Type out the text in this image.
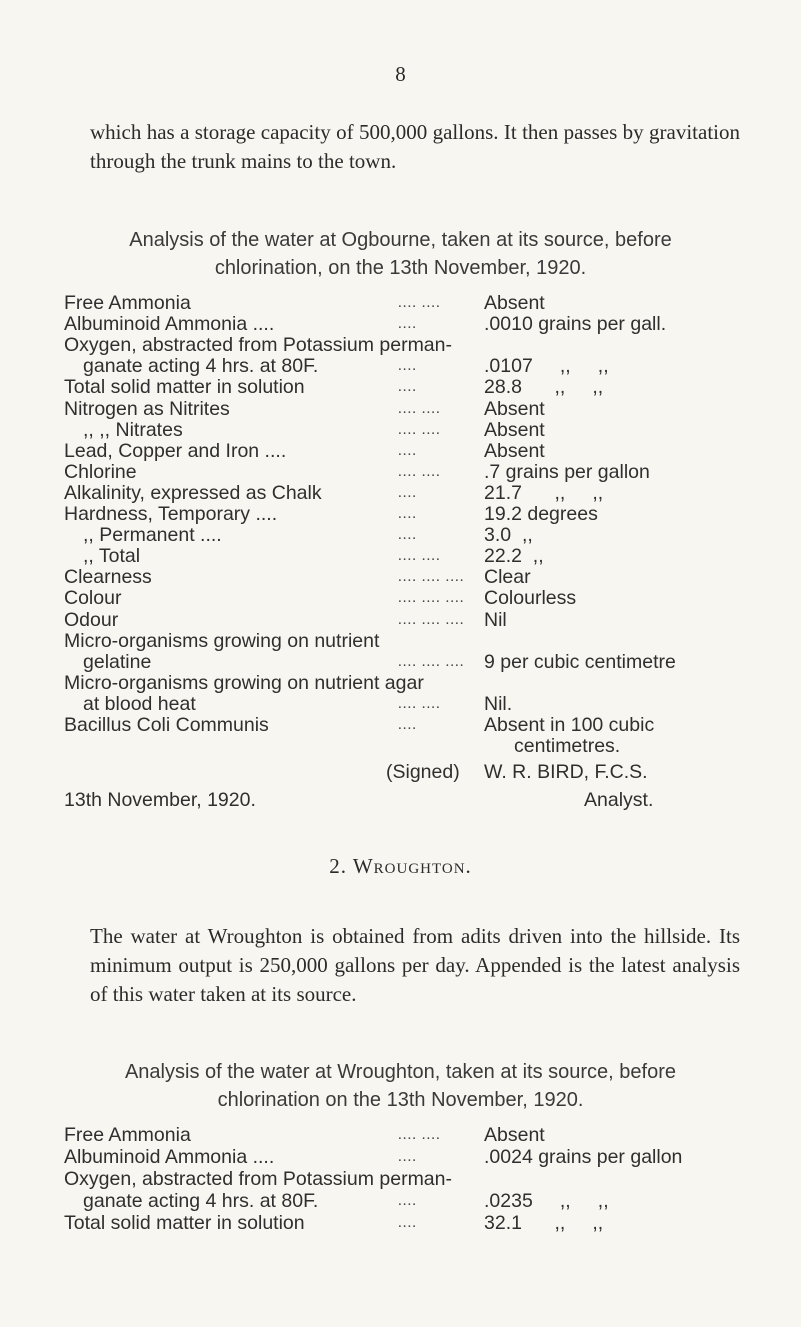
8
which has a storage capacity of 500,000 gallons. It then passes by gravitation through the trunk mains to the town.
Analysis of the water at Ogbourne, taken at its source, before
chlorination, on the 13th November, 1920.
Free Ammonia	.... .... Absent
Albuminoid Ammonia ....	....	.0010 grains per gall.
Oxygen, abstracted from Potassium perman-
ganate acting 4 hrs. at 80F.	....	.0107     ,,     ,,
Total solid matter in solution	....	28.8      ,,     ,,
Nitrogen as Nitrites	.... .... Absent
,, ,, Nitrates	.... .... Absent
Lead, Copper and Iron ....	....	Absent
Chlorine	.... .... .7 grains per gallon
Alkalinity, expressed as Chalk	....	21.7      ,,     ,,
Hardness, Temporary ....	....	19.2 degrees
,, Permanent ....	....	3.0  ,,
,, Total	.... .... 22.2  ,,
Clearness	.... .... .... Clear
Colour	.... .... .... Colourless
Odour	.... .... .... Nil
Micro-organisms growing on nutrient
gelatine	.... .... .... 9 per cubic centimetre
Micro-organisms growing on nutrient agar
at blood heat	.... .... Nil.
Bacillus Coli Communis	....	Absent in 100 cubic
centimetres.
(Signed) W. R. BIRD, F.C.S.
13th November, 1920.	Analyst.
2. Wroughton.
The water at Wroughton is obtained from adits driven into the hillside. Its minimum output is 250,000 gallons per day. Appended is the latest analysis of this water taken at its source.
Analysis of the water at Wroughton, taken at its source, before
chlorination on the 13th November, 1920.
Free Ammonia	.... .... Absent
Albuminoid Ammonia ....	....	.0024 grains per gallon
Oxygen, abstracted from Potassium perman-
ganate acting 4 hrs. at 80F.	....	.0235     ,,     ,,
Total solid matter in solution	....	32.1      ,,     ,,
